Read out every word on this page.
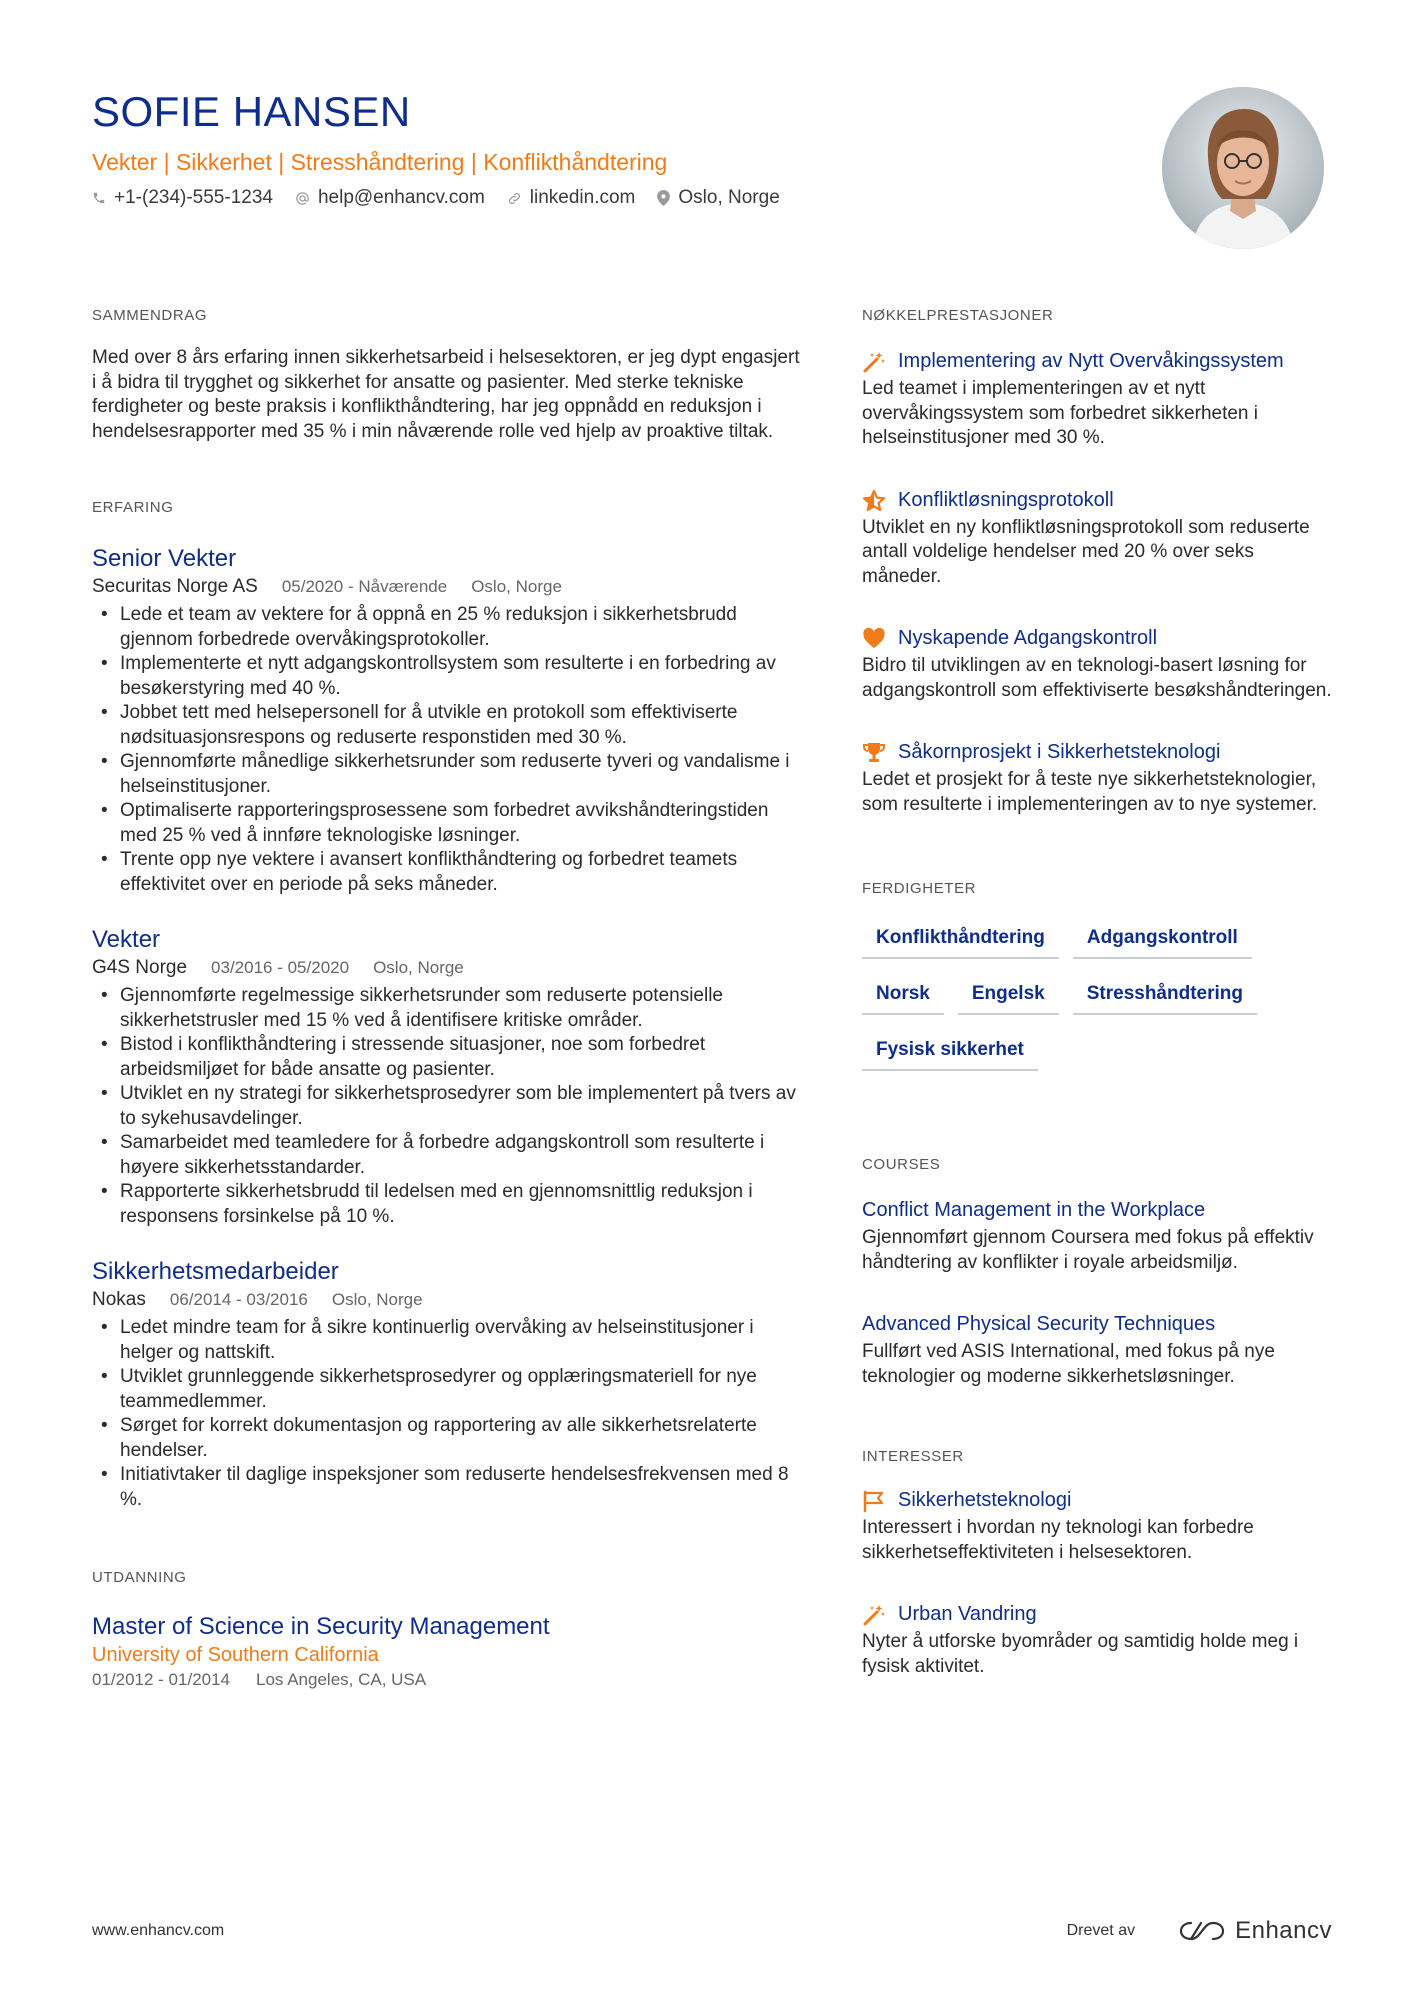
SOFIE HANSEN
Vekter | Sikkerhet | Stresshåndtering | Konflikthåndtering
+1-(234)-555-1234 help@enhancv.com linkedin.com Oslo, Norge
SAMMENDRAG

Med over 8 års erfaring innen sikkerhetsarbeid i helsesektoren, er jeg dypt engasjert i å bidra til trygghet og sikkerhet for ansatte og pasienter. Med sterke tekniske ferdigheter og beste praksis i konflikthåndtering, har jeg oppnådd en reduksjon i hendelsesrapporter med 35 % i min nåværende rolle ved hjelp av proaktive tiltak.

ERFARING
Senior Vekter
Securitas Norge AS 05/2020 - Nåværende Oslo, Norge
• Lede et team av vektere for å oppnå en 25 % reduksjon i sikkerhetsbrudd gjennom forbedrede overvåkingsprotokoller.
• Implementerte et nytt adgangskontrollsystem som resulterte i en forbedring av besøkerstyring med 40 %.
• Jobbet tett med helsepersonell for å utvikle en protokoll som effektiviserte nødsituasjonsrespons og reduserte responstiden med 30 %.
• Gjennomførte månedlige sikkerhetsrunder som reduserte tyveri og vandalisme i helseinstitusjoner.
• Optimaliserte rapporteringsprosessene som forbedret avvikshåndteringstiden med 25 % ved å innføre teknologiske løsninger.
• Trente opp nye vektere i avansert konflikthåndtering og forbedret teamets effektivitet over en periode på seks måneder.
Vekter
G4S Norge 03/2016 - 05/2020 Oslo, Norge
• Gjennomførte regelmessige sikkerhetsrunder som reduserte potensielle sikkerhetstrusler med 15 % ved å identifisere kritiske områder.
• Bistod i konflikthåndtering i stressende situasjoner, noe som forbedret arbeidsmiljøet for både ansatte og pasienter.
• Utviklet en ny strategi for sikkerhetsprosedyrer som ble implementert på tvers av to sykehusavdelinger.
• Samarbeidet med teamledere for å forbedre adgangskontroll som resulterte i høyere sikkerhetsstandarder.
• Rapporterte sikkerhetsbrudd til ledelsen med en gjennomsnittlig reduksjon i responsens forsinkelse på 10 %.
Sikkerhetsmedarbeider
Nokas 06/2014 - 03/2016 Oslo, Norge
• Ledet mindre team for å sikre kontinuerlig overvåking av helseinstitusjoner i helger og nattskift.
• Utviklet grunnleggende sikkerhetsprosedyrer og opplæringsmateriell for nye teammedlemmer.
• Sørget for korrekt dokumentasjon og rapportering av alle sikkerhetsrelaterte hendelser.
• Initiativtaker til daglige inspeksjoner som reduserte hendelsesfrekvensen med 8 %.
UTDANNING
Master of Science in Security Management
University of Southern California
01/2012 - 01/2014 Los Angeles, CA, USA
NØKKELPRESTASJONER
Implementering av Nytt Overvåkingssystem
Led teamet i implementeringen av et nytt overvåkingssystem som forbedret sikkerheten i helseinstitusjoner med 30 %.
Konfliktløsningsprotokoll
Utviklet en ny konfliktløsningsprotokoll som reduserte antall voldelige hendelser med 20 % over seks måneder.
Nyskapende Adgangskontroll
Bidro til utviklingen av en teknologi-basert løsning for adgangskontroll som effektiviserte besøkshåndteringen.
Såkornprosjekt i Sikkerhetsteknologi
Ledet et prosjekt for å teste nye sikkerhetsteknologier, som resulterte i implementeringen av to nye systemer.
FERDIGHETER
Konflikthåndtering	Adgangskontroll
Norsk	Engelsk	Stresshåndtering
Fysisk sikkerhet
COURSES
Conflict Management in the Workplace
Gjennomført gjennom Coursera med fokus på effektiv håndtering av konflikter i royale arbeidsmiljø.
Advanced Physical Security Techniques
Fullført ved ASIS International, med fokus på nye teknologier og moderne sikkerhetsløsninger.
INTERESSER
Sikkerhetsteknologi
Interessert i hvordan ny teknologi kan forbedre sikkerhetseffektiviteten i helsesektoren.
Urban Vandring
Nyter å utforske byområder og samtidig holde meg i fysisk aktivitet.
www.enhancv.com	Drevet av	Enhancv
